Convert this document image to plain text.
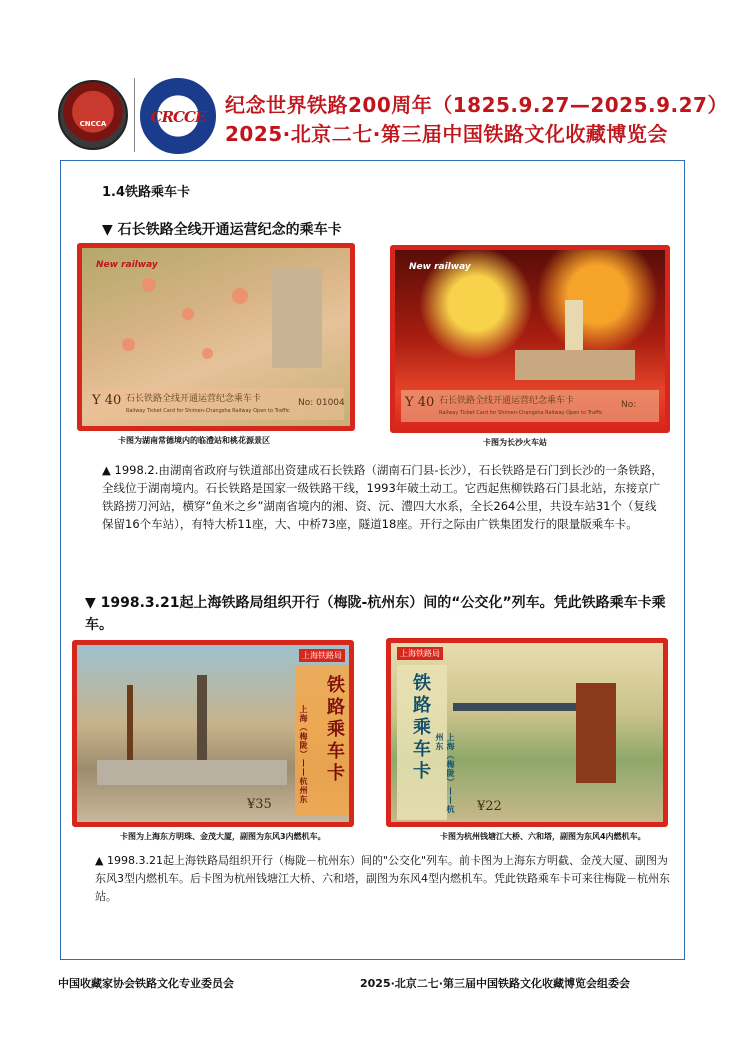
CNCCA	CRCCE 纪念世界铁路200周年（1825.9.27—2025.9.27）
2025·北京二七·第三届中国铁路文化收藏博览会
1.4铁路乘车卡
▼ 石长铁路全线开通运营纪念的乘车卡
New railway
Y 40 石长铁路全线开通运营纪念乘车卡
Railway Ticket Card for Shimen-Changsha Railway Open to Traffic
No: 01004
卡图为湖南常德境内的临澧站和桃花源景区
New railway
Y 40 石长铁路全线开通运营纪念乘车卡
Railway Ticket Card for Shimen-Changsha Railway Open to Traffic
No:
卡图为长沙火车站
▲ 1998.2.由湖南省政府与铁道部出资建成石长铁路（湖南石门县-长沙），石长铁路是石门到长沙的一条铁路，全线位于湖南境内。石长铁路是国家一级铁路干线，1993年破土动工。它西起焦柳铁路石门县北站，东接京广铁路捞刀河站，横穿“鱼米之乡”湖南省境内的湘、资、沅、澧四大水系，全长264公里，共设车站31个（复线保留16个车站），有特大桥11座，大、中桥73座，隧道18座。开行之际由广铁集团发行的限量版乘车卡。
▼ 1998.3.21起上海铁路局组织开行（梅陇-杭州东）间的“公交化”列车。凭此铁路乘车卡乘车。
上海铁路局
铁路乘车卡
上海（梅陇）——杭州东
¥35
卡图为上海东方明珠、金茂大厦，副图为东风3内燃机车。
上海铁路局
铁路乘车卡	上海（梅陇）——杭州东
¥22
卡图为杭州钱塘江大桥、六和塔，副图为东风4内燃机车。
▲ 1998.3.21起上海铁路局组织开行（梅陇－杭州东）间的"公交化"列车。前卡图为上海东方明截、金茂大厦、副图为东风3型内燃机车。后卡图为杭州钱塘江大桥、六和塔，副图为东风4型内燃机车。凭此铁路乘车卡可来往梅陇－杭州东站。
中国收藏家协会铁路文化专业委员会	2025·北京二七·第三届中国铁路文化收藏博览会组委会
